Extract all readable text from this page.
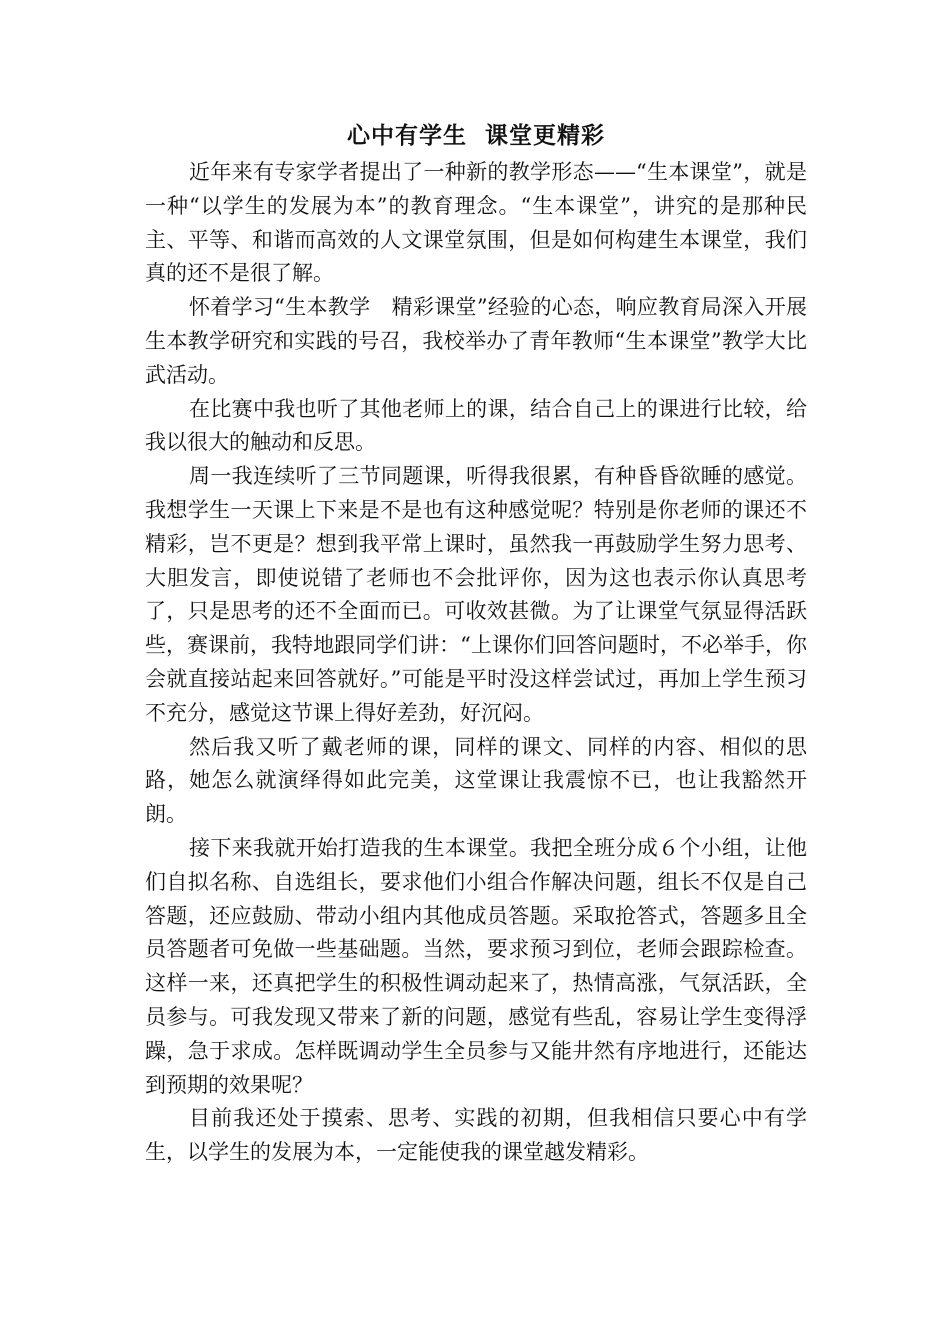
心中有学生  课堂更精彩

近年来有专家学者提出了一种新的教学形态——“生本课堂”，就是一种“以学生的发展为本”的教育理念。“生本课堂”，讲究的是那种民主、平等、和谐而高效的人文课堂氛围，但是如何构建生本课堂，我们真的还不是很了解。

怀着学习“生本教学　精彩课堂”经验的心态，响应教育局深入开展生本教学研究和实践的号召，我校举办了青年教师“生本课堂”教学大比武活动。

在比赛中我也听了其他老师上的课，结合自己上的课进行比较，给我以很大的触动和反思。

周一我连续听了三节同题课，听得我很累，有种昏昏欲睡的感觉。我想学生一天课上下来是不是也有这种感觉呢？特别是你老师的课还不精彩，岂不更是？想到我平常上课时，虽然我一再鼓励学生努力思考、大胆发言，即使说错了老师也不会批评你，因为这也表示你认真思考了，只是思考的还不全面而已。可收效甚微。为了让课堂气氛显得活跃些，赛课前，我特地跟同学们讲：“上课你们回答问题时，不必举手，你会就直接站起来回答就好。”可能是平时没这样尝试过，再加上学生预习不充分，感觉这节课上得好差劲，好沉闷。

然后我又听了戴老师的课，同样的课文、同样的内容、相似的思路，她怎么就演绎得如此完美，这堂课让我震惊不已，也让我豁然开朗。

接下来我就开始打造我的生本课堂。我把全班分成６个小组，让他们自拟名称、自选组长，要求他们小组合作解决问题，组长不仅是自己答题，还应鼓励、带动小组内其他成员答题。采取抢答式，答题多且全员答题者可免做一些基础题。当然，要求预习到位，老师会跟踪检查。这样一来，还真把学生的积极性调动起来了，热情高涨，气氛活跃，全员参与。可我发现又带来了新的问题，感觉有些乱，容易让学生变得浮躁，急于求成。怎样既调动学生全员参与又能井然有序地进行，还能达到预期的效果呢？

目前我还处于摸索、思考、实践的初期，但我相信只要心中有学生，以学生的发展为本，一定能使我的课堂越发精彩。
